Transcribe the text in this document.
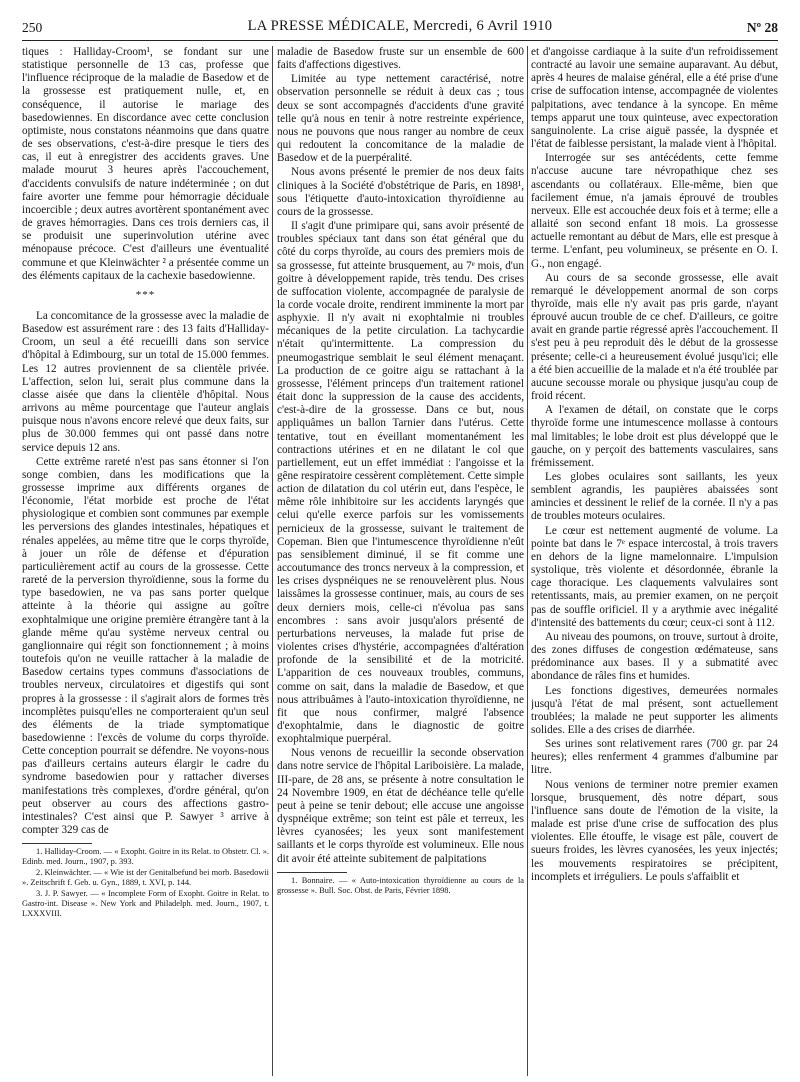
250	LA PRESSE MÉDICALE, Mercredi, 6 Avril 1910	Nº 28

tiques : Halliday-Croom¹, se fondant sur une statistique personnelle de 13 cas, professe que l'influence réciproque de la maladie de Basedow et de la grossesse est pratiquement nulle, et, en conséquence, il autorise le mariage des basedowiennes. En discordance avec cette conclusion optimiste, nous constatons néanmoins que dans quatre de ses observations, c'est-à-dire presque le tiers des cas, il eut à enregistrer des accidents graves. Une malade mourut 3 heures après l'accouchement, d'accidents convulsifs de nature indéterminée ; on dut faire avorter une femme pour hémorragie déciduale incoercible ; deux autres avortèrent spontanément avec de graves hémorragies. Dans ces trois derniers cas, il se produisit une superinvolution utérine avec ménopause précoce. C'est d'ailleurs une éventualité commune et que Kleinwächter ² a présentée comme un des éléments capitaux de la cachexie basedowienne.

***

La concomitance de la grossesse avec la maladie de Basedow est assurément rare : des 13 faits d'Halliday-Croom, un seul a été recueilli dans son service d'hôpital à Edimbourg, sur un total de 15.000 femmes. Les 12 autres proviennent de sa clientèle privée. L'affection, selon lui, serait plus commune dans la classe aisée que dans la clientèle d'hôpital. Nous arrivons au même pourcentage que l'auteur anglais puisque nous n'avons encore relevé que deux faits, sur plus de 30.000 femmes qui ont passé dans notre service depuis 12 ans.

Cette extrême rareté n'est pas sans étonner si l'on songe combien, dans les modifications que la grossesse imprime aux différents organes de l'économie, l'état morbide est proche de l'état physiologique et combien sont communes par exemple les perversions des glandes intestinales, hépatiques et rénales appelées, au même titre que le corps thyroïde, à jouer un rôle de défense et d'épuration particulièrement actif au cours de la grossesse. Cette rareté de la perversion thyroïdienne, sous la forme du type basedowien, ne va pas sans porter quelque atteinte à la théorie qui assigne au goître exophtalmique une origine première étrangère tant à la glande même qu'au système nerveux central ou ganglionnaire qui régit son fonctionnement ; à moins toutefois qu'on ne veuille rattacher à la maladie de Basedow certains types communs d'associations de troubles nerveux, circulatoires et digestifs qui sont propres à la grossesse : il s'agirait alors de formes très incomplètes puisqu'elles ne comporteraient qu'un seul des éléments de la triade symptomatique basedowienne : l'excès de volume du corps thyroïde. Cette conception pourrait se défendre. Ne voyons-nous pas d'ailleurs certains auteurs élargir le cadre du syndrome basedowien pour y rattacher diverses manifestations très complexes, d'ordre général, qu'on peut observer au cours des affections gastro-intestinales? C'est ainsi que P. Sawyer ³ arrive à compter 329 cas de

1. Halliday-Croom. — « Exopht. Goitre in its Relat. to Obstetr. Cl. ». Edinb. med. Journ., 1907, p. 393.

2. Kleinwächter. — « Wie ist der Genitalbefund bei morb. Basedowii ». Zeitschrift f. Geb. u. Gyn., 1889, t. XVI, p. 144.

3. J. P. Sawyer. — « Incomplete Form of Exopht. Goitre in Relat. to Gastro-int. Disease ». New York and Philadelph. med. Journ., 1907, t. LXXXVIII.

maladie de Basedow fruste sur un ensemble de 600 faits d'affections digestives.

Limitée au type nettement caractérisé, notre observation personnelle se réduit à deux cas ; tous deux se sont accompagnés d'accidents d'une gravité telle qu'à nous en tenir à notre restreinte expérience, nous ne pouvons que nous ranger au nombre de ceux qui redoutent la concomitance de la maladie de Basedow et de la puerpéralité.

Nous avons présenté le premier de nos deux faits cliniques à la Société d'obstétrique de Paris, en 1898¹, sous l'étiquette d'auto-intoxication thyroïdienne au cours de la grossesse.

Il s'agit d'une primipare qui, sans avoir présenté de troubles spéciaux tant dans son état général que du côté du corps thyroïde, au cours des premiers mois de sa grossesse, fut atteinte brusquement, au 7ᵉ mois, d'un goitre à développement rapide, très tendu. Des crises de suffocation violente, accompagnée de paralysie de la corde vocale droite, rendirent imminente la mort par asphyxie. Il n'y avait ni exophtalmie ni troubles mécaniques de la petite circulation. La tachycardie n'était qu'intermittente. La compression du pneumogastrique semblait le seul élément menaçant. La production de ce goitre aigu se rattachant à la grossesse, l'élément princeps d'un traitement rationel était donc la suppression de la cause des accidents, c'est-à-dire de la grossesse. Dans ce but, nous appliquâmes un ballon Tarnier dans l'utérus. Cette tentative, tout en éveillant momentanément les contractions utérines et en ne dilatant le col que partiellement, eut un effet immédiat : l'angoisse et la gêne respiratoire cessèrent complètement. Cette simple action de dilatation du col utérin eut, dans l'espèce, le même rôle inhibitoire sur les accidents laryngés que celui qu'elle exerce parfois sur les vomissements pernicieux de la grossesse, suivant le traitement de Copeman. Bien que l'intumescence thyroïdienne n'eût pas sensiblement diminué, il se fit comme une accoutumance des troncs nerveux à la compression, et les crises dyspnéiques ne se renouvelèrent plus. Nous laissâmes la grossesse continuer, mais, au cours de ses deux derniers mois, celle-ci n'évolua pas sans encombres : sans avoir jusqu'alors présenté de perturbations nerveuses, la malade fut prise de violentes crises d'hystérie, accompagnées d'altération profonde de la sensibilité et de la motricité. L'apparition de ces nouveaux troubles, communs, comme on sait, dans la maladie de Basedow, et que nous attribuâmes à l'auto-intoxication thyroïdienne, ne fit que nous confirmer, malgré l'absence d'exophtalmie, dans le diagnostic de goitre exophtalmique puerpéral.

Nous venons de recueillir la seconde observation dans notre service de l'hôpital Lariboisière. La malade, III-pare, de 28 ans, se présente à notre consultation le 24 Novembre 1909, en état de déchéance telle qu'elle peut à peine se tenir debout; elle accuse une angoisse dyspnéique extrême; son teint est pâle et terreux, les lèvres cyanosées; les yeux sont manifestement saillants et le corps thyroïde est volumineux. Elle nous dit avoir été atteinte subitement de palpitations

1. Bonnaire. — « Auto-intoxication thyroïdienne au cours de la grossesse ». Bull. Soc. Obst. de Paris, Février 1898.

et d'angoisse cardiaque à la suite d'un refroidissement contracté au lavoir une semaine auparavant. Au début, après 4 heures de malaise général, elle a été prise d'une crise de suffocation intense, accompagnée de violentes palpitations, avec tendance à la syncope. En même temps apparut une toux quinteuse, avec expectoration sanguinolente. La crise aiguë passée, la dyspnée et l'état de faiblesse persistant, la malade vient à l'hôpital.

Interrogée sur ses antécédents, cette femme n'accuse aucune tare névropathique chez ses ascendants ou collatéraux. Elle-même, bien que facilement émue, n'a jamais éprouvé de troubles nerveux. Elle est accouchée deux fois et à terme; elle a allaité son second enfant 18 mois. La grossesse actuelle remontant au début de Mars, elle est presque à terme. L'enfant, peu volumineux, se présente en O. I. G., non engagé.

Au cours de sa seconde grossesse, elle avait remarqué le développement anormal de son corps thyroïde, mais elle n'y avait pas pris garde, n'ayant éprouvé aucun trouble de ce chef. D'ailleurs, ce goitre avait en grande partie régressé après l'accouchement. Il s'est peu à peu reproduit dès le début de la grossesse présente; celle-ci a heureusement évolué jusqu'ici; elle a été bien accueillie de la malade et n'a été troublée par aucune secousse morale ou physique jusqu'au coup de froid récent.

A l'examen de détail, on constate que le corps thyroïde forme une intumescence mollasse à contours mal limitables; le lobe droit est plus développé que le gauche, on y perçoit des battements vasculaires, sans frémissement.

Les globes oculaires sont saillants, les yeux semblent agrandis, les paupières abaissées sont amincies et dessinent le relief de la cornée. Il n'y a pas de troubles moteurs oculaires.

Le cœur est nettement augmenté de volume. La pointe bat dans le 7ᵉ espace intercostal, à trois travers en dehors de la ligne mamelonnaire. L'impulsion systolique, très violente et désordonnée, ébranle la cage thoracique. Les claquements valvulaires sont retentissants, mais, au premier examen, on ne perçoit pas de souffle orificiel. Il y a arythmie avec inégalité d'intensité des battements du cœur; ceux-ci sont à 112.

Au niveau des poumons, on trouve, surtout à droite, des zones diffuses de congestion œdémateuse, sans prédominance aux bases. Il y a submatité avec abondance de râles fins et humides.

Les fonctions digestives, demeurées normales jusqu'à l'état de mal présent, sont actuellement troublées; la malade ne peut supporter les aliments solides. Elle a des crises de diarrhée.

Ses urines sont relativement rares (700 gr. par 24 heures); elles renferment 4 grammes d'albumine par litre.

Nous venions de terminer notre premier examen lorsque, brusquement, dès notre départ, sous l'influence sans doute de l'émotion de la visite, la malade est prise d'une crise de suffocation des plus violentes. Elle étouffe, le visage est pâle, couvert de sueurs froides, les lèvres cyanosées, les yeux injectés; les mouvements respiratoires se précipitent, incomplets et irréguliers. Le pouls s'affaiblit et
